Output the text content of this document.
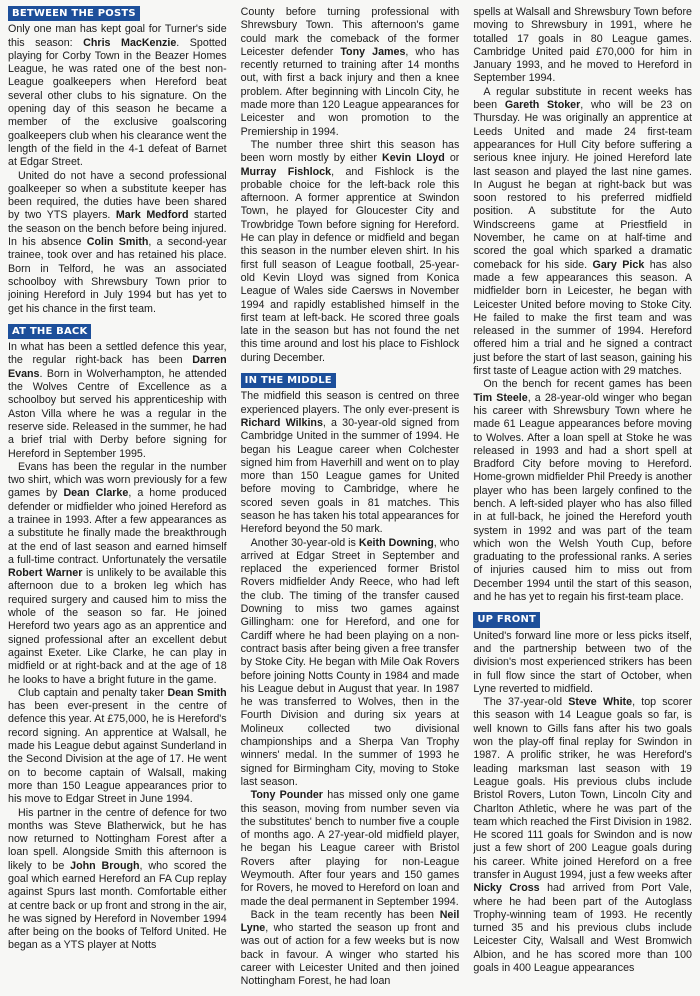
BETWEEN THE POSTS

Only one man has kept goal for Turner's side this season: Chris MacKenzie. Spotted playing for Corby Town in the Beazer Homes League, he was rated one of the best non-League goalkeepers when Hereford beat several other clubs to his signature. On the opening day of this season he became a member of the exclusive goalscoring goalkeepers club when his clearance went the length of the field in the 4-1 defeat of Barnet at Edgar Street.

United do not have a second professional goalkeeper so when a substitute keeper has been required, the duties have been shared by two YTS players. Mark Medford started the season on the bench before being injured. In his absence Colin Smith, a second-year trainee, took over and has retained his place. Born in Telford, he was an associated schoolboy with Shrewsbury Town prior to joining Hereford in July 1994 but has yet to get his chance in the first team.

AT THE BACK

In what has been a settled defence this year, the regular right-back has been Darren Evans. Born in Wolverhampton, he attended the Wolves Centre of Excellence as a schoolboy but served his apprenticeship with Aston Villa where he was a regular in the reserve side. Released in the summer, he had a brief trial with Derby before signing for Hereford in September 1995.

Evans has been the regular in the number two shirt, which was worn previously for a few games by Dean Clarke, a home produced defender or midfielder who joined Hereford as a trainee in 1993. After a few appearances as a substitute he finally made the breakthrough at the end of last season and earned himself a full-time contract. Unfortunately the versatile Robert Warner is unlikely to be available this afternoon due to a broken leg which has required surgery and caused him to miss the whole of the season so far. He joined Hereford two years ago as an apprentice and signed professional after an excellent debut against Exeter. Like Clarke, he can play in midfield or at right-back and at the age of 18 he looks to have a bright future in the game.

Club captain and penalty taker Dean Smith has been ever-present in the centre of defence this year. At £75,000, he is Hereford's record signing. An apprentice at Walsall, he made his League debut against Sunderland in the Second Division at the age of 17. He went on to become captain of Walsall, making more than 150 League appearances prior to his move to Edgar Street in June 1994.

His partner in the centre of defence for two months was Steve Blatherwick, but he has now returned to Nottingham Forest after a loan spell. Alongside Smith this afternoon is likely to be John Brough, who scored the goal which earned Hereford an FA Cup replay against Spurs last month. Comfortable either at centre back or up front and strong in the air, he was signed by Hereford in November 1994 after being on the books of Telford United. He began as a YTS player at Notts

County before turning professional with Shrewsbury Town. This afternoon's game could mark the comeback of the former Leicester defender Tony James, who has recently returned to training after 14 months out, with first a back injury and then a knee problem. After beginning with Lincoln City, he made more than 120 League appearances for Leicester and won promotion to the Premiership in 1994.

The number three shirt this season has been worn mostly by either Kevin Lloyd or Murray Fishlock, and Fishlock is the probable choice for the left-back role this afternoon. A former apprentice at Swindon Town, he played for Gloucester City and Trowbridge Town before signing for Hereford. He can play in defence or midfield and began this season in the number eleven shirt. In his first full season of League football, 25-year-old Kevin Lloyd was signed from Konica League of Wales side Caersws in November 1994 and rapidly established himself in the first team at left-back. He scored three goals late in the season but has not found the net this time around and lost his place to Fishlock during December.

IN THE MIDDLE

The midfield this season is centred on three experienced players. The only ever-present is Richard Wilkins, a 30-year-old signed from Cambridge United in the summer of 1994. He began his League career when Colchester signed him from Haverhill and went on to play more than 150 League games for United before moving to Cambridge, where he scored seven goals in 81 matches. This season he has taken his total appearances for Hereford beyond the 50 mark.

Another 30-year-old is Keith Downing, who arrived at Edgar Street in September and replaced the experienced former Bristol Rovers midfielder Andy Reece, who had left the club. The timing of the transfer caused Downing to miss two games against Gillingham: one for Hereford, and one for Cardiff where he had been playing on a non-contract basis after being given a free transfer by Stoke City. He began with Mile Oak Rovers before joining Notts County in 1984 and made his League debut in August that year. In 1987 he was transferred to Wolves, then in the Fourth Division and during six years at Molineux collected two divisional championships and a Sherpa Van Trophy winners' medal. In the summer of 1993 he signed for Birmingham City, moving to Stoke last season.

Tony Pounder has missed only one game this season, moving from number seven via the substitutes' bench to number five a couple of months ago. A 27-year-old midfield player, he began his League career with Bristol Rovers after playing for non-League Weymouth. After four years and 150 games for Rovers, he moved to Hereford on loan and made the deal permanent in September 1994.

Back in the team recently has been Neil Lyne, who started the season up front and was out of action for a few weeks but is now back in favour. A winger who started his career with Leicester United and then joined Nottingham Forest, he had loan

spells at Walsall and Shrewsbury Town before moving to Shrewsbury in 1991, where he totalled 17 goals in 80 League games. Cambridge United paid £70,000 for him in January 1993, and he moved to Hereford in September 1994.

A regular substitute in recent weeks has been Gareth Stoker, who will be 23 on Thursday. He was originally an apprentice at Leeds United and made 24 first-team appearances for Hull City before suffering a serious knee injury. He joined Hereford late last season and played the last nine games. In August he began at right-back but was soon restored to his preferred midfield position. A substitute for the Auto Windscreens game at Priestfield in November, he came on at half-time and scored the goal which sparked a dramatic comeback for his side. Gary Pick has also made a few appearances this season. A midfielder born in Leicester, he began with Leicester United before moving to Stoke City. He failed to make the first team and was released in the summer of 1994. Hereford offered him a trial and he signed a contract just before the start of last season, gaining his first taste of League action with 29 matches.

On the bench for recent games has been Tim Steele, a 28-year-old winger who began his career with Shrewsbury Town where he made 61 League appearances before moving to Wolves. After a loan spell at Stoke he was released in 1993 and had a short spell at Bradford City before moving to Hereford. Home-grown midfielder Phil Preedy is another player who has been largely confined to the bench. A left-sided player who has also filled in at full-back, he joined the Hereford youth system in 1992 and was part of the team which won the Welsh Youth Cup, before graduating to the professional ranks. A series of injuries caused him to miss out from December 1994 until the start of this season, and he has yet to regain his first-team place.

UP FRONT

United's forward line more or less picks itself, and the partnership between two of the division's most experienced strikers has been in full flow since the start of October, when Lyne reverted to midfield.

The 37-year-old Steve White, top scorer this season with 14 League goals so far, is well known to Gills fans after his two goals won the play-off final replay for Swindon in 1987. A prolific striker, he was Hereford's leading marksman last season with 19 League goals. His previous clubs include Bristol Rovers, Luton Town, Lincoln City and Charlton Athletic, where he was part of the team which reached the First Division in 1982. He scored 111 goals for Swindon and is now just a few short of 200 League goals during his career. White joined Hereford on a free transfer in August 1994, just a few weeks after Nicky Cross had arrived from Port Vale, where he had been part of the Autoglass Trophy-winning team of 1993. He recently turned 35 and his previous clubs include Leicester City, Walsall and West Bromwich Albion, and he has scored more than 100 goals in 400 League appearances
